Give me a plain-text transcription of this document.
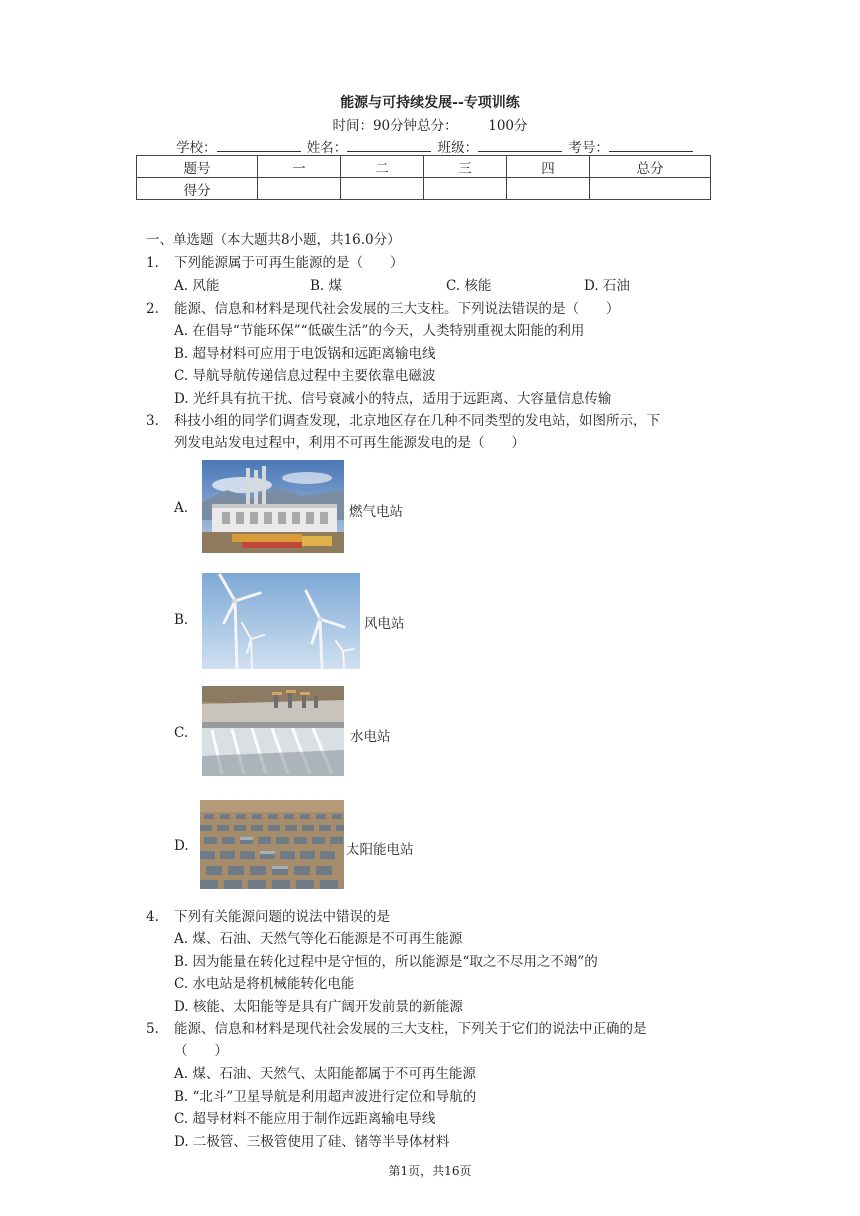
能源与可持续发展--专项训练
时间：90分钟总分： 100分
学校：	姓名：	班级：	考号：
题号	一	二	三	四	总分
得分					
一、单选题（本大题共8小题，共16.0分）
1. 下列能源属于可再生能源的是（　　）
A. 风能	B. 煤	C. 核能	D. 石油
2. 能源、信息和材料是现代社会发展的三大支柱。下列说法错误的是（　　）
A. 在倡导“节能环保”“低碳生活”的今天，人类特别重视太阳能的利用
B. 超导材料可应用于电饭锅和远距离输电线
C. 导航导航传递信息过程中主要依靠电磁波
D. 光纤具有抗干扰、信号衰减小的特点，适用于远距离、大容量信息传输
3. 科技小组的同学们调查发现，北京地区存在几种不同类型的发电站，如图所示，下
列发电站发电过程中，利用不可再生能源发电的是（　　）
A.	燃气电站
B.	风电站
C.	水电站
D.	太阳能电站
4. 下列有关能源问题的说法中错误的是
A. 煤、石油、天然气等化石能源是不可再生能源
B. 因为能量在转化过程中是守恒的，所以能源是“取之不尽用之不竭”的
C. 水电站是将机械能转化电能
D. 核能、太阳能等是具有广阔开发前景的新能源
5. 能源、信息和材料是现代社会发展的三大支柱，下列关于它们的说法中正确的是
（　　）
A. 煤、石油、天然气、太阳能都属于不可再生能源
B. “北斗”卫星导航是利用超声波进行定位和导航的
C. 超导材料不能应用于制作远距离输电导线
D. 二极管、三极管使用了硅、锗等半导体材料
第1页，共16页
